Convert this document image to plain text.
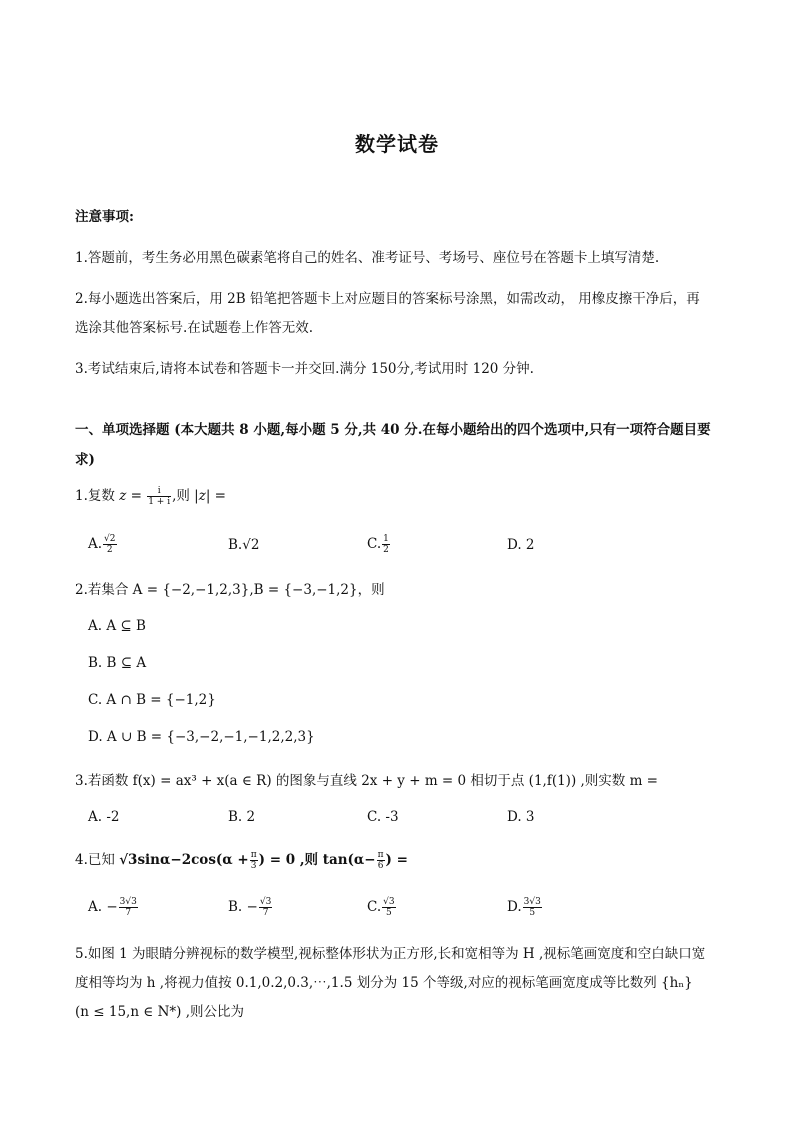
数学试卷
注意事项:
1.答题前，考生务必用黑色碳素笔将自己的姓名、准考证号、考场号、座位号在答题卡上填写清楚.
2.每小题选出答案后，用 2B 铅笔把答题卡上对应题目的答案标号涂黑，如需改动， 用橡皮擦干净后，再
选涂其他答案标号.在试题卷上作答无效.
3.考试结束后,请将本试卷和答题卡一并交回.满分 150分,考试用时 120 分钟.
一、单项选择题 (本大题共 8 小题,每小题 5 分,共 40 分.在每小题给出的四个选项中,只有一项符合题目要
求)
1.复数 $z = \frac{i}{1 + i}$ ,则 |z| =
A. $\frac{√2}{2}$	B.√2	C. $\frac{1}{2}$	D. 2
2.若集合 A = {−2,−1,2,3},B = {−3,−1,2}，则
A. A ⊆ B
B. B ⊆ A
C. A ∩ B = {−1,2}
D. A ∪ B = {−3,−2,−1,−1,2,2,3}
3.若函数 f(x) = ax³ + x(a ∈ R) 的图象与直线 2x + y + m = 0 相切于点 (1,f(1)) ,则实数 m =
A. -2	B. 2	C. -3	D. 3
4.已知 $√3\sin\alpha-2\cos(\alpha + \frac{\pi}{3}$ ) = 0 ,则 $\tan(\alpha- \frac{\pi}{6}$ ) =
A. − $\frac{3√3}{7}$	B. − $\frac{√3}{7}$	C. $\frac{√3}{5}$	D. $\frac{3√3}{5}$
5.如图 1 为眼睛分辨视标的数学模型,视标整体形状为正方形,长和宽相等为 H ,视标笔画宽度和空白缺口宽
度相等均为 h ,将视力值按 0.1,0.2,0.3,⋯,1.5 划分为 15 个等级,对应的视标笔画宽度成等比数列 {hₙ}
(n ≤ 15,n ∈ N*) ,则公比为
